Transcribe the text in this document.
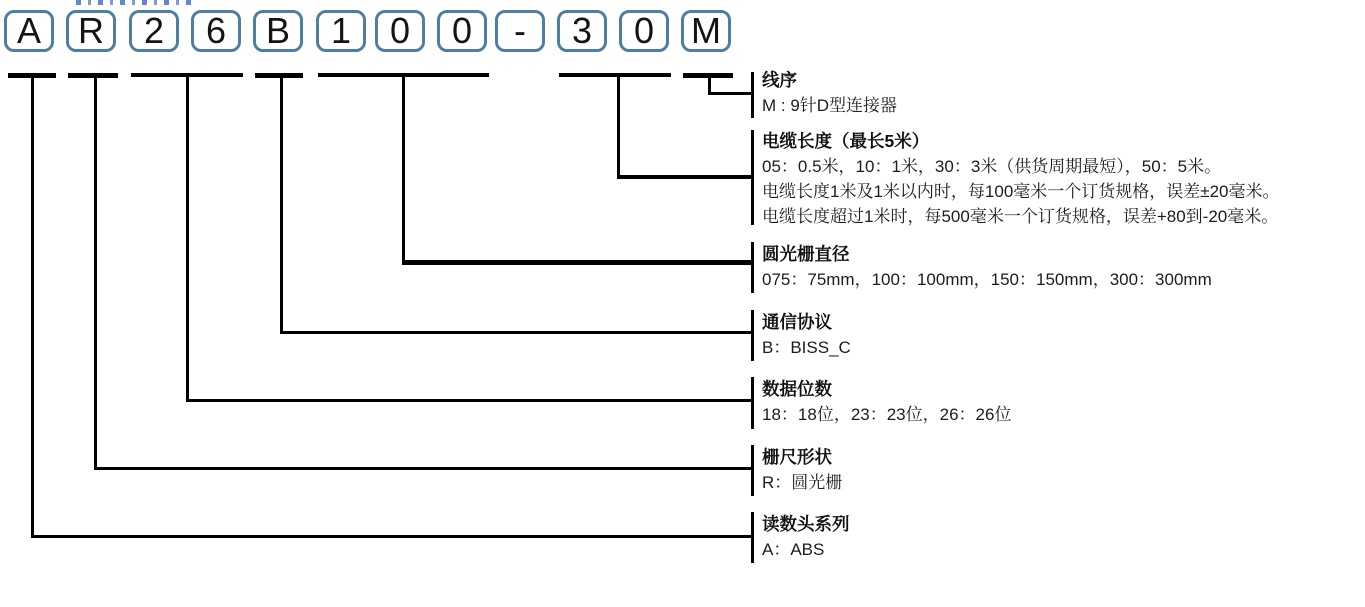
A	R	2	6	B	1	0	0	-	3	0	M
线序
M : 9针D型连接器
电缆长度（最长5米）
05：0.5米，10：1米，30：3米（供货周期最短），50：5米。
电缆长度1米及1米以内时，每100毫米一个订货规格，误差±20毫米。
电缆长度超过1米时，每500毫米一个订货规格，误差+80到-20毫米。
圆光栅直径
075：75mm，100：100mm，150：150mm，300：300mm
通信协议
B：BISS_C
数据位数
18：18位，23：23位，26：26位
栅尺形状
R：圆光栅
读数头系列
A：ABS
